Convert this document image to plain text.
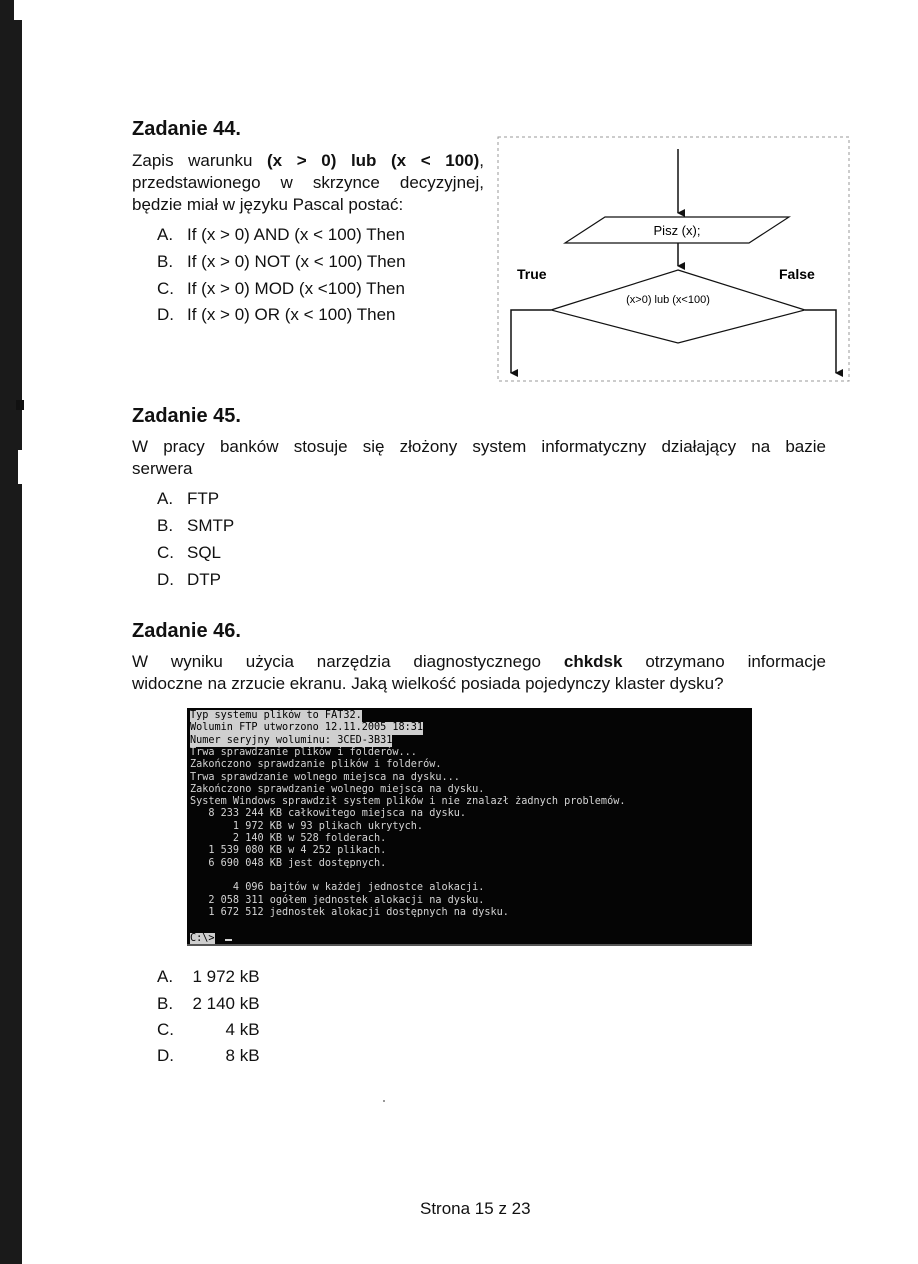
Zadanie 44.
Zapis warunku (x > 0) lub (x < 100),
przedstawionego w skrzynce decyzyjnej,
będzie miał w języku Pascal postać:
A. If (x > 0) AND (x < 100) Then
B. If (x > 0) NOT (x < 100) Then
C. If (x > 0) MOD (x <100) Then
D. If (x > 0) OR (x < 100) Then
Pisz (x);
(x>0) lub (x<100)
True	False
Zadanie 45.
W pracy banków stosuje się złożony system informatyczny działający na bazie
serwera
A. FTP
B. SMTP
C. SQL
D. DTP
Zadanie 46.
W wyniku użycia narzędzia diagnostycznego chkdsk otrzymano informacje
widoczne na zrzucie ekranu. Jaką wielkość posiada pojedynczy klaster dysku?
Typ systemu plików to FAT32.
Wolumin FTP utworzono 12.11.2005 18:31
Numer seryjny woluminu: 3CED-3B31
Trwa sprawdzanie plików i folderów...
Zakończono sprawdzanie plików i folderów.
Trwa sprawdzanie wolnego miejsca na dysku...
Zakończono sprawdzanie wolnego miejsca na dysku.
System Windows sprawdził system plików i nie znalazł żadnych problemów.
8 233 244 KB całkowitego miejsca na dysku.
1 972 KB w 93 plikach ukrytych.
2 140 KB w 528 folderach.
1 539 080 KB w 4 252 plikach.
6 690 048 KB jest dostępnych.
4 096 bajtów w każdej jednostce alokacji.
2 058 311 ogółem jednostek alokacji na dysku.
1 672 512 jednostek alokacji dostępnych na dysku.
C:\>
A. 1 972 kB
B. 2 140 kB
C.	4 kB
D.	8 kB
Strona 15 z 23
